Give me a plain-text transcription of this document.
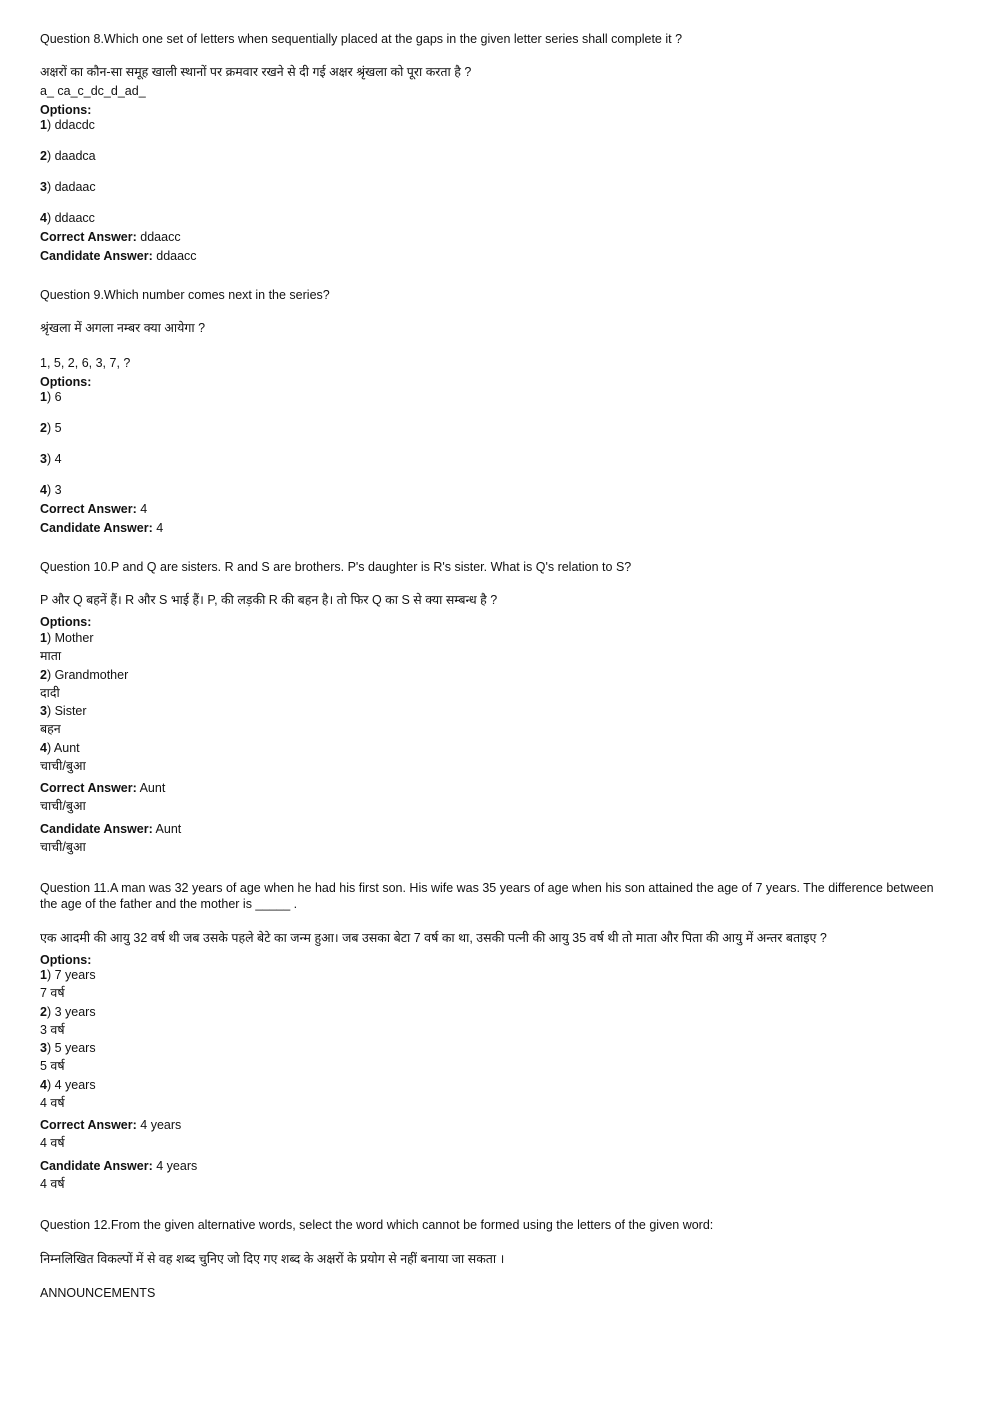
Question 8.Which one set of letters when sequentially placed at the gaps in the given letter series shall complete it ?
अक्षरों का कौन-सा समूह खाली स्थानों पर क्रमवार रखने से दी गई अक्षर श्रृंखला को पूरा करता है ?
a_ ca_c_dc_d_ad_
Options:
1) ddacdc
2) daadca
3) dadaac
4) ddaacc
Correct Answer: ddaacc
Candidate Answer: ddaacc
Question 9.Which number comes next in the series?
श्रृंखला में अगला नम्बर क्या आयेगा ?
1, 5, 2, 6, 3, 7, ?
Options:
1) 6
2) 5
3) 4
4) 3
Correct Answer: 4
Candidate Answer: 4
Question 10.P and Q are sisters. R and S are brothers. P's daughter is R's sister. What is Q's relation to S?
P और Q बहनें हैं। R और S भाई हैं। P, की लड़की R की बहन है। तो फिर Q का S से क्या सम्बन्ध है ?
Options:
1) Mother
माता
2) Grandmother
दादी
3) Sister
बहन
4) Aunt
चाची/बुआ
Correct Answer: Aunt
चाची/बुआ
Candidate Answer: Aunt
चाची/बुआ
Question 11.A man was 32 years of age when he had his first son. His wife was 35 years of age when his son attained the age of 7 years. The difference between the age of the father and the mother is _____ .
एक आदमी की आयु 32 वर्ष थी जब उसके पहले बेटे का जन्म हुआ। जब उसका बेटा 7 वर्ष का था, उसकी पत्नी की आयु 35 वर्ष थी तो माता और पिता की आयु में अन्तर बताइए ?
Options:
1) 7 years
7 वर्ष
2) 3 years
3 वर्ष
3) 5 years
5 वर्ष
4) 4 years
4 वर्ष
Correct Answer: 4 years
4 वर्ष
Candidate Answer: 4 years
4 वर्ष
Question 12.From the given alternative words, select the word which cannot be formed using the letters of the given word:
निम्नलिखित विकल्पों में से वह शब्द चुनिए जो दिए गए शब्द के अक्षरों के प्रयोग से नहीं बनाया जा सकता ।
ANNOUNCEMENTS
